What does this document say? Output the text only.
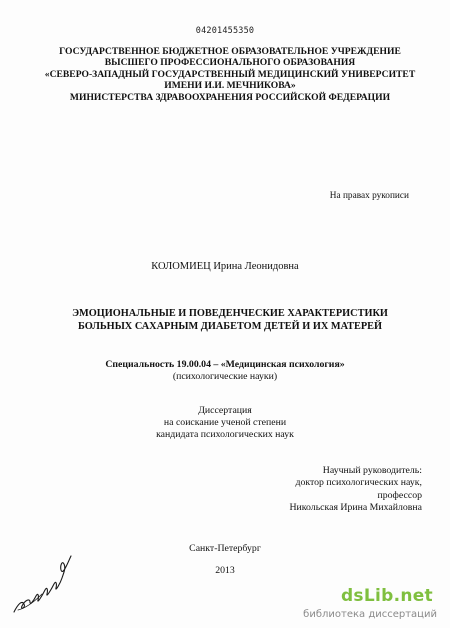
04201455350
ГОСУДАРСТВЕННОЕ БЮДЖЕТНОЕ ОБРАЗОВАТЕЛЬНОЕ УЧРЕЖДЕНИЕ
ВЫСШЕГО ПРОФЕССИОНАЛЬНОГО ОБРАЗОВАНИЯ
«СЕВЕРО-ЗАПАДНЫЙ ГОСУДАРСТВЕННЫЙ МЕДИЦИНСКИЙ УНИВЕРСИТЕТ
ИМЕНИ И.И. МЕЧНИКОВА»
МИНИСТЕРСТВА ЗДРАВООХРАНЕНИЯ РОССИЙСКОЙ ФЕДЕРАЦИИ
На правах рукописи
КОЛОМИЕЦ Ирина Леонидовна
ЭМОЦИОНАЛЬНЫЕ И ПОВЕДЕНЧЕСКИЕ ХАРАКТЕРИСТИКИ
БОЛЬНЫХ САХАРНЫМ ДИАБЕТОМ ДЕТЕЙ И ИХ МАТЕРЕЙ
Специальность 19.00.04 – «Медицинская психология»
(психологические науки)
Диссертация
на соискание ученой степени
кандидата психологических наук
Научный руководитель:
доктор психологических наук,
профессор
Никольская Ирина Михайловна
Санкт-Петербург
2013
dsLib.net
библиотека диссертаций
